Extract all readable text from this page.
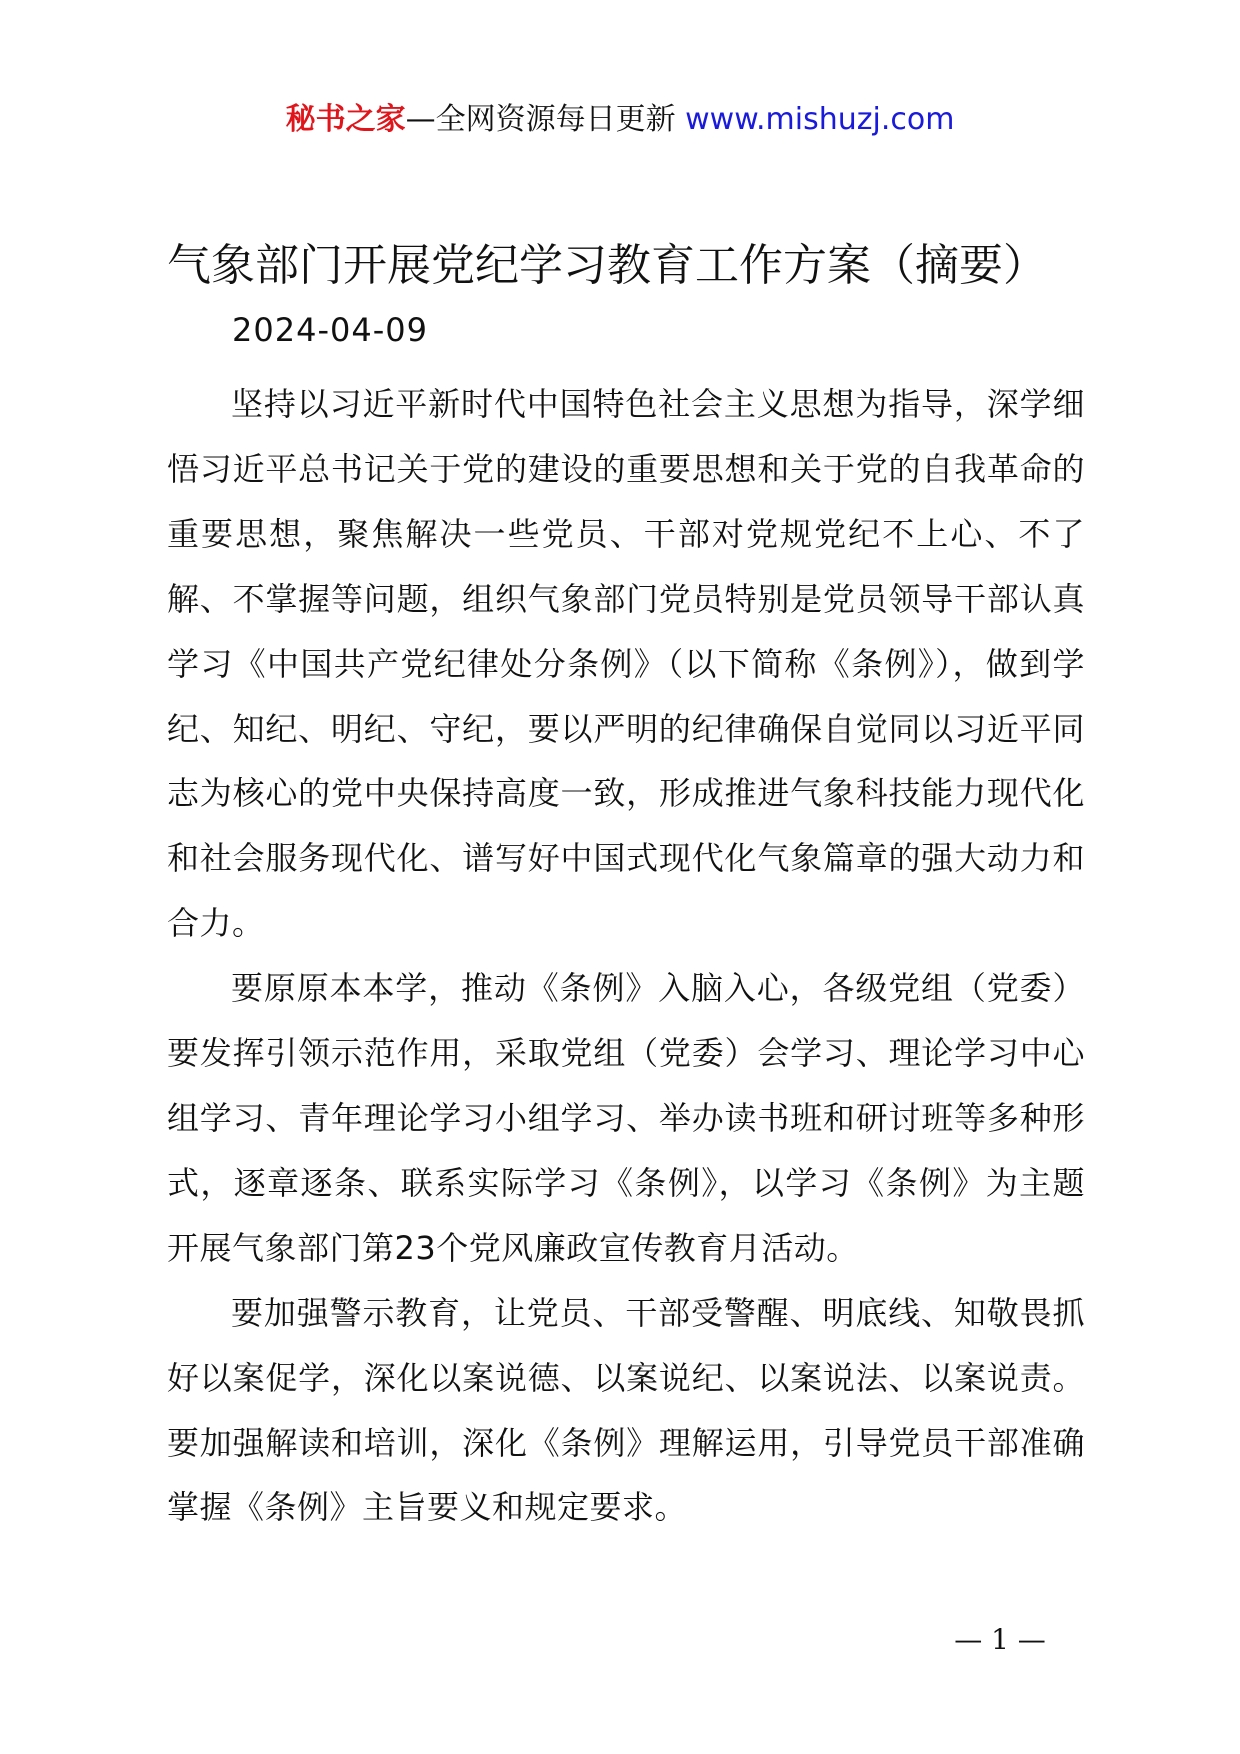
秘书之家—全网资源每日更新 www.mishuzj.com
气象部门开展党纪学习教育工作方案（摘要）
2024-04-09

坚持以习近平新时代中国特色社会主义思想为指导，深学细悟习近平总书记关于党的建设的重要思想和关于党的自我革命的重要思想，聚焦解决一些党员、干部对党规党纪不上心、不了解、不掌握等问题，组织气象部门党员特别是党员领导干部认真学习《中国共产党纪律处分条例》（以下简称《条例》），做到学纪、知纪、明纪、守纪，要以严明的纪律确保自觉同以习近平同志为核心的党中央保持高度一致，形成推进气象科技能力现代化和社会服务现代化、谱写好中国式现代化气象篇章的强大动力和合力。

要原原本本学，推动《条例》入脑入心，各级党组（党委）要发挥引领示范作用，采取党组（党委）会学习、理论学习中心组学习、青年理论学习小组学习、举办读书班和研讨班等多种形式，逐章逐条、联系实际学习《条例》，以学习《条例》为主题开展气象部门第23个党风廉政宣传教育月活动。

要加强警示教育，让党员、干部受警醒、明底线、知敬畏抓好以案促学，深化以案说德、以案说纪、以案说法、以案说责。要加强解读和培训，深化《条例》理解运用，引导党员干部准确掌握《条例》主旨要义和规定要求。

— 1 —
